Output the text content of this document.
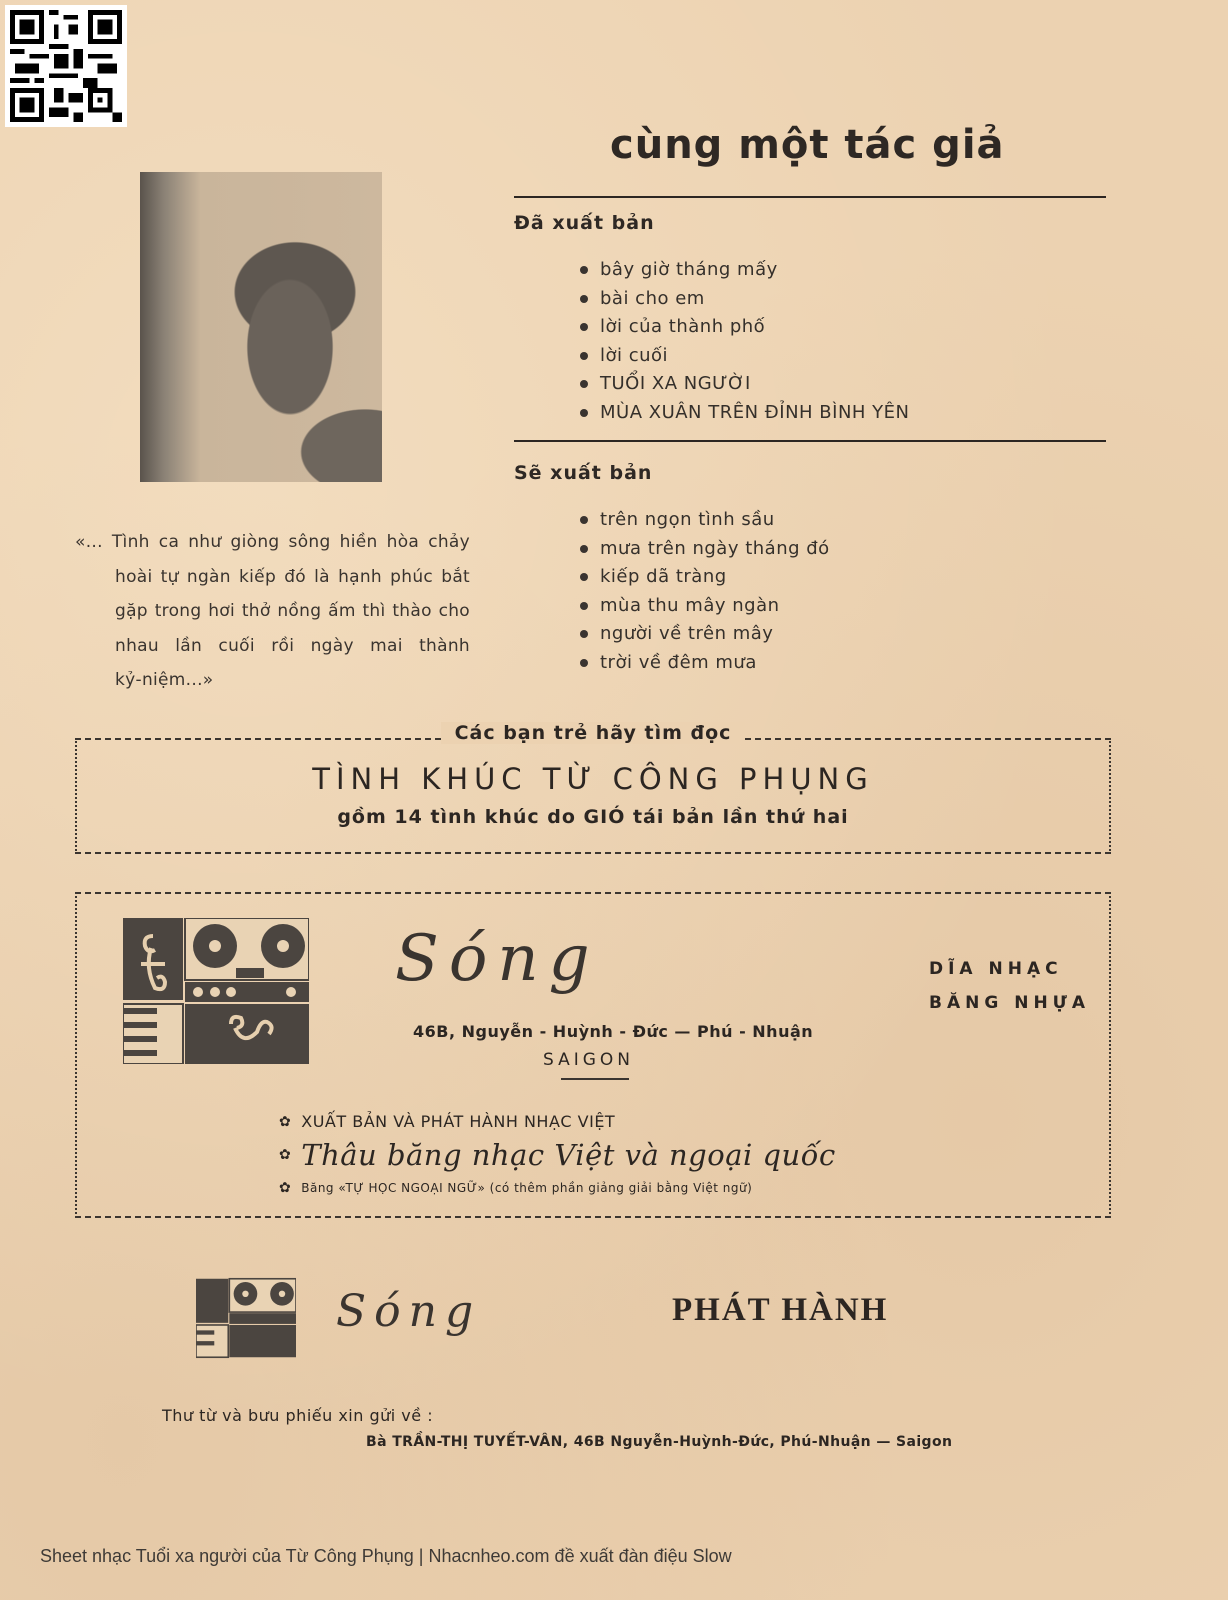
cùng một tác giả
Đã xuất bản
bây giờ tháng mấy
bài cho em
lời của thành phố
lời cuối
TUỔI XA NGƯỜI
MÙA XUÂN TRÊN ĐỈNH BÌNH YÊN
Sẽ xuất bản
trên ngọn tình sầu
mưa trên ngày tháng đó
kiếp dã tràng
mùa thu mây ngàn
người về trên mây
trời về đêm mưa
«... Tình ca như giòng sông hiền hòa chảy
hoài tự ngàn kiếp đó là hạnh phúc bắt
gặp trong hơi thở nồng ấm thì thào cho
nhau lần cuối rồi ngày mai thành
kỷ-niệm...»
Các bạn trẻ hãy tìm đọc
TÌNH KHÚC TỪ CÔNG PHỤNG
gồm 14 tình khúc do GIÓ tái bản lần thứ hai
Sóng
46B, Nguyễn - Huỳnh - Đức — Phú - Nhuận
SAIGON
DĨA NHẠC
BĂNG NHỰA
✿ XUẤT BẢN VÀ PHÁT HÀNH NHẠC VIỆT
✿ Thâu băng nhạc Việt và ngoại quốc
✿ Băng «TỰ HỌC NGOẠI NGỮ» (có thêm phần giảng giải bằng Việt ngữ)
Sóng	PHÁT HÀNH
Thư từ và bưu phiếu xin gửi về :
Bà TRẦN-THỊ TUYẾT-VÂN, 46B Nguyễn-Huỳnh-Đức, Phú-Nhuận — Saigon
Sheet nhạc Tuổi xa người của Từ Công Phụng | Nhacnheo.com đề xuất đàn điệu Slow
